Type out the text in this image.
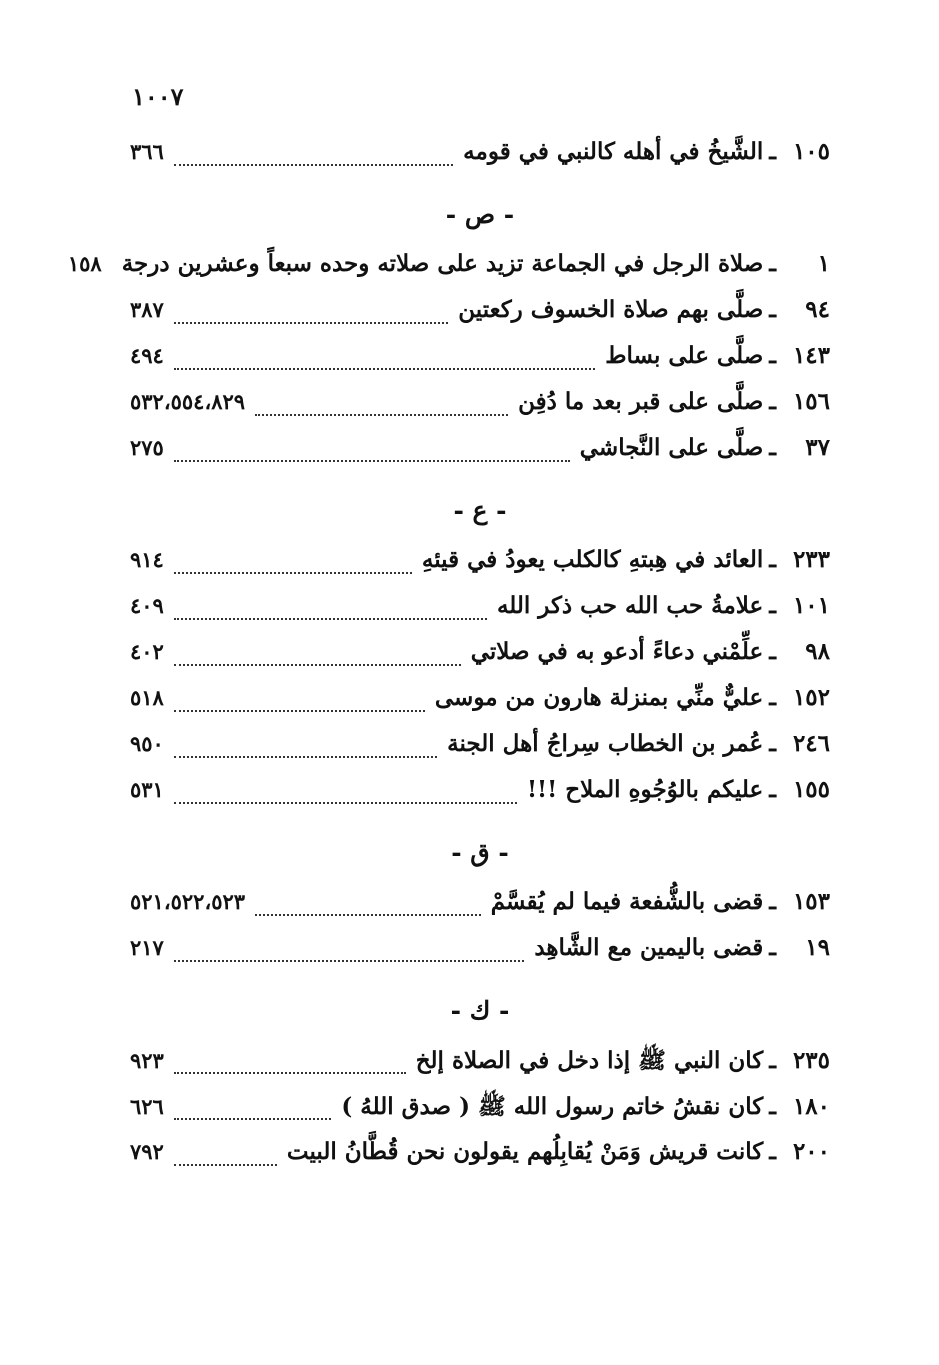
١٠٠٧
١٠٥
ـ
الشَّيخُ في أهله كالنبي في قومه
٣٦٦
- ص -
١
ـ
صلاة الرجل في الجماعة تزيد على صلاته وحده سبعاً وعشرين درجة
١٥٨
٩٤
ـ
صلَّى بهم صلاة الخسوف ركعتين
٣٨٧
١٤٣
ـ
صلَّى على بساط
٤٩٤
١٥٦
ـ
صلَّى على قبر بعد ما دُفِن
٥٣٢،٥٥٤،٨٢٩
٣٧
ـ
صلَّى على النَّجاشي
٢٧٥
- ع -
٢٣٣
ـ
العائد في هِبتهِ كالكلب يعودُ في قيئهِ
٩١٤
١٠١
ـ
علامةُ حب الله حب ذكر الله
٤٠٩
٩٨
ـ
علِّمْني دعاءً أدعو به في صلاتي
٤٠٢
١٥٢
ـ
عليٌّ منِّي بمنزلة هارون من موسى
٥١٨
٢٤٦
ـ
عُمر بن الخطاب سِراجُ أهل الجنة
٩٥٠
١٥٥
ـ
عليكم بالوُجُوهِ الملاح !!!
٥٣١
- ق -
١٥٣
ـ
قضى بالشُّفعة فيما لم يُقسَّمْ
٥٢١،٥٢٢،٥٢٣
١٩
ـ
قضى باليمين مع الشَّاهِد
٢١٧
- ك -
٢٣٥
ـ
كان النبي ﷺ إذا دخل في الصلاة إلخ
٩٢٣
١٨٠
ـ
كان نقشُ خاتم رسول الله ﷺ ( صدق اللهُ )
٦٢٦
٢٠٠
ـ
كانت قريش وَمَنْ يُقابِلُهم يقولون نحن قُطَّانُ البيت
٧٩٢
